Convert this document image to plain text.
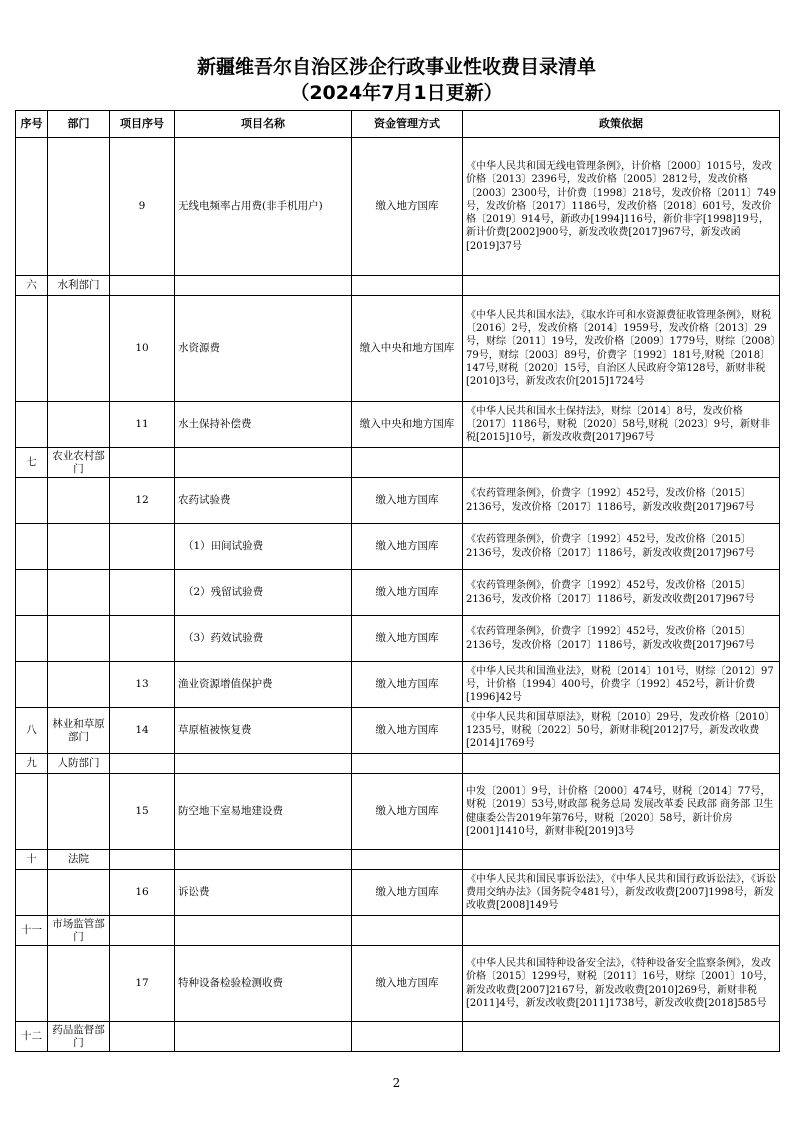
新疆维吾尔自治区涉企行政事业性收费目录清单
（2024年7月1日更新）
序号	部门	项目序号	项目名称	资金管理方式	政策依据
		9	无线电频率占用费(非手机用户)	缴入地方国库	《中华人民共和国无线电管理条例》，计价格〔2000〕1015号，发改价格〔2013〕2396号，发改价格〔2005〕2812号，发改价格〔2003〕2300号，计价费〔1998〕218号，发改价格〔2011〕749号，发改价格〔2017〕1186号，发改价格〔2018〕601号，发改价格〔2019〕914号，新政办[1994]116号，新价非字[1998]19号，新计价费[2002]900号，新发改收费[2017]967号，新发改函[2019]37号
六	水利部门				
		10	水资源费	缴入中央和地方国库	《中华人民共和国水法》，《取水许可和水资源费征收管理条例》，财税〔2016〕2号，发改价格〔2014〕1959号，发改价格〔2013〕29号，财综〔2011〕19号，发改价格〔2009〕1779号，财综〔2008〕79号，财综〔2003〕89号，价费字〔1992〕181号,财税〔2018〕147号,财税〔2020〕15号，自治区人民政府令第128号，新财非税[2010]3号，新发改农价[2015]1724号
		11	水土保持补偿费	缴入中央和地方国库	《中华人民共和国水土保持法》，财综〔2014〕8号，发改价格〔2017〕1186号，财税〔2020〕58号,财税〔2023〕9号，新财非税[2015]10号，新发改收费[2017]967号
七	农业农村部门				
		12	农药试验费	缴入地方国库	《农药管理条例》，价费字〔1992〕452号，发改价格〔2015〕2136号，发改价格〔2017〕1186号，新发改收费[2017]967号
			（1）田间试验费	缴入地方国库	《农药管理条例》，价费字〔1992〕452号，发改价格〔2015〕2136号，发改价格〔2017〕1186号，新发改收费[2017]967号
			（2）残留试验费	缴入地方国库	《农药管理条例》，价费字〔1992〕452号，发改价格〔2015〕2136号，发改价格〔2017〕1186号，新发改收费[2017]967号
			（3）药效试验费	缴入地方国库	《农药管理条例》，价费字〔1992〕452号，发改价格〔2015〕2136号，发改价格〔2017〕1186号，新发改收费[2017]967号
		13	渔业资源增值保护费	缴入地方国库	《中华人民共和国渔业法》，财税〔2014〕101号，财综〔2012〕97号，计价格〔1994〕400号，价费字〔1992〕452号，新计价费[1996]42号
八	林业和草原部门	14	草原植被恢复费	缴入地方国库	《中华人民共和国草原法》，财税〔2010〕29号，发改价格〔2010〕1235号，财税〔2022〕50号，新财非税[2012]7号，新发改收费[2014]1769号
九	人防部门				
		15	防空地下室易地建设费	缴入地方国库	中发〔2001〕9号，计价格〔2000〕474号，财税〔2014〕77号，财税〔2019〕53号,财政部 税务总局 发展改革委 民政部 商务部 卫生健康委公告2019年第76号，财税〔2020〕58号，新计价房[2001]1410号，新财非税[2019]3号
十	法院				
		16	诉讼费	缴入地方国库	《中华人民共和国民事诉讼法》，《中华人民共和国行政诉讼法》，《诉讼费用交纳办法》（国务院令481号），新发改收费[2007]1998号，新发改收费[2008]149号
十一	市场监管部门				
		17	特种设备检验检测收费	缴入地方国库	《中华人民共和国特种设备安全法》，《特种设备安全监察条例》，发改价格〔2015〕1299号，财税〔2011〕16号，财综〔2001〕10号，新发改收费[2007]2167号，新发改收费[2010]269号，新财非税[2011]4号，新发改收费[2011]1738号，新发改收费[2018]585号
十二	药品监督部门				
2
